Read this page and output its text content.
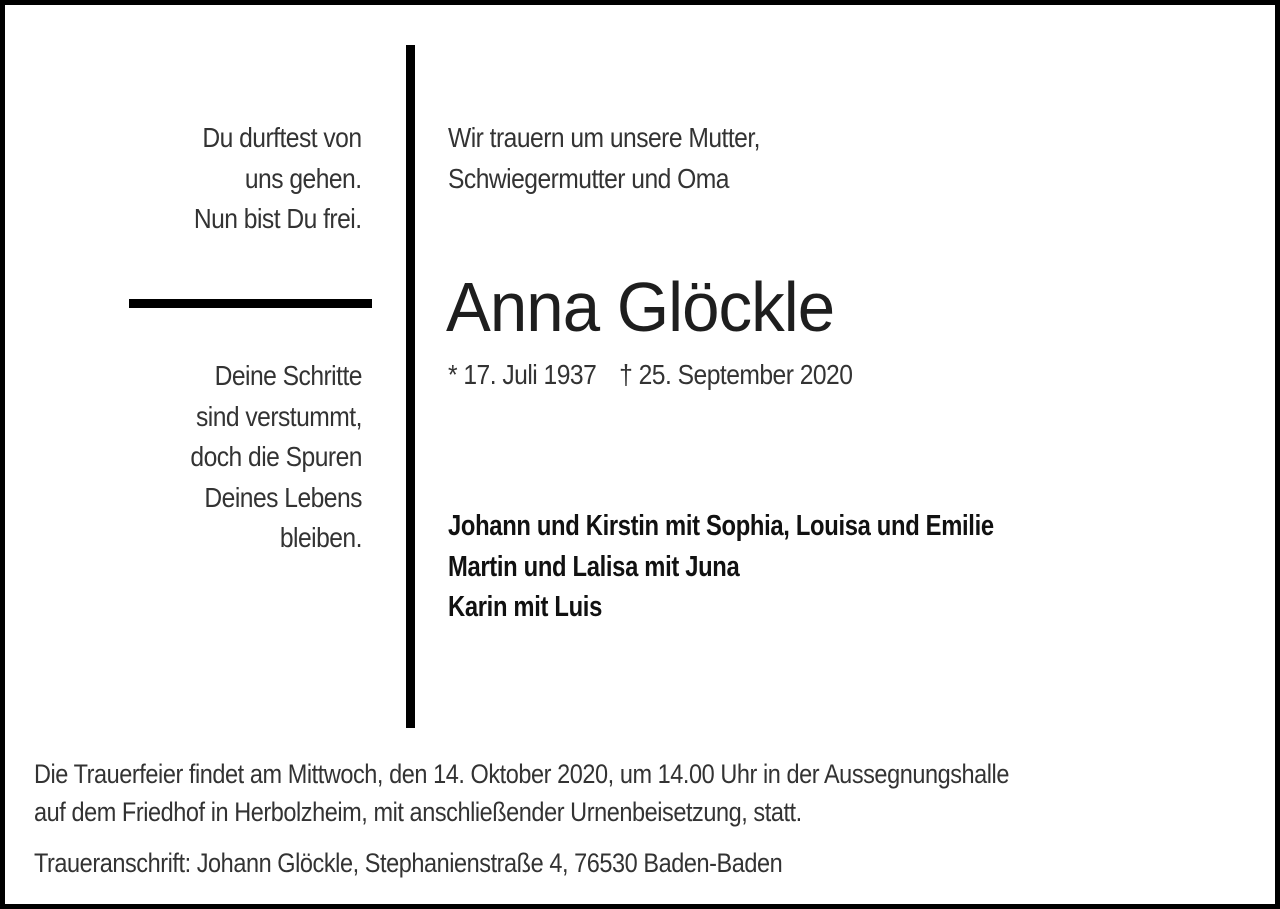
Du durftest von
uns gehen.
Nun bist Du frei.
Deine Schritte
sind verstummt,
doch die Spuren
Deines Lebens
bleiben.
Wir trauern um unsere Mutter,
Schwiegermutter und Oma
Anna Glöckle
* 17. Juli 1937 † 25. September 2020
Johann und Kirstin mit Sophia, Louisa und Emilie
Martin und Lalisa mit Juna
Karin mit Luis
Die Trauerfeier findet am Mittwoch, den 14. Oktober 2020, um 14.00 Uhr in der Aussegnungshalle
auf dem Friedhof in Herbolzheim, mit anschließender Urnenbeisetzung, statt.
Traueranschrift: Johann Glöckle, Stephanienstraße 4, 76530 Baden-Baden
